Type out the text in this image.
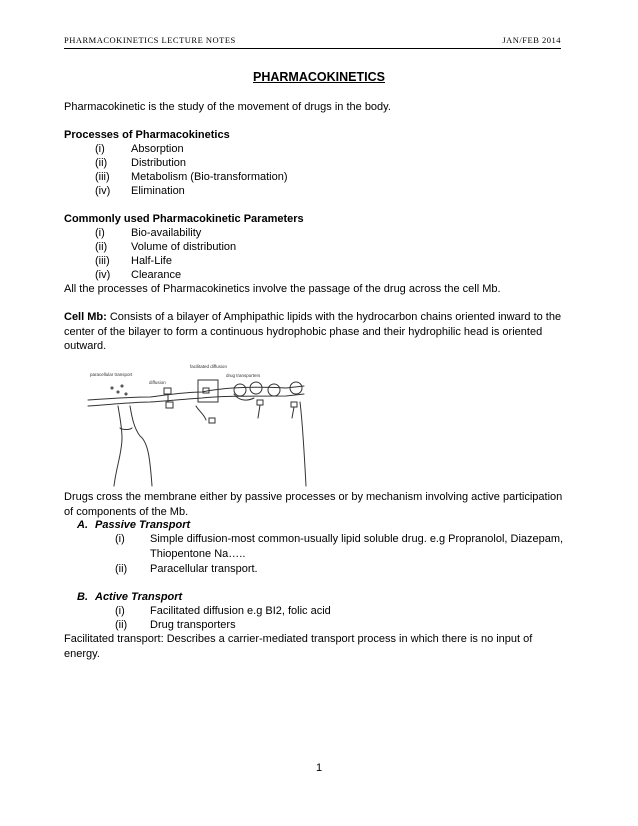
PHARMACOKINETICS LECTURE NOTES	JAN/FEB 2014
PHARMACOKINETICS
Pharmacokinetic is the study of the movement of drugs in the body.
Processes of Pharmacokinetics
(i) Absorption
(ii) Distribution
(iii) Metabolism (Bio-transformation)
(iv) Elimination
Commonly used Pharmacokinetic Parameters
(i) Bio-availability
(ii) Volume of distribution
(iii) Half-Life
(iv) Clearance
All the processes of Pharmacokinetics involve the passage of the drug across the cell Mb.
Cell Mb: Consists of a bilayer of Amphipathic lipids with the hydrocarbon chains oriented inward to the center of the bilayer to form a continuous hydrophobic phase and their hydrophilic head is oriented outward.
paracellular transport
diffusion
facilitated diffusion
drug transporters
Drugs cross the membrane either by passive processes or by mechanism involving active participation of components of the Mb.
A. Passive Transport
(i) Simple diffusion-most common-usually lipid soluble drug. e.g Propranolol, Diazepam,
Thiopentone Na…..
(ii) Paracellular transport.
B. Active Transport
(i) Facilitated diffusion e.g BI2, folic acid
(ii) Drug transporters
Facilitated transport: Describes a carrier-mediated transport process in which there is no input of energy.
1
